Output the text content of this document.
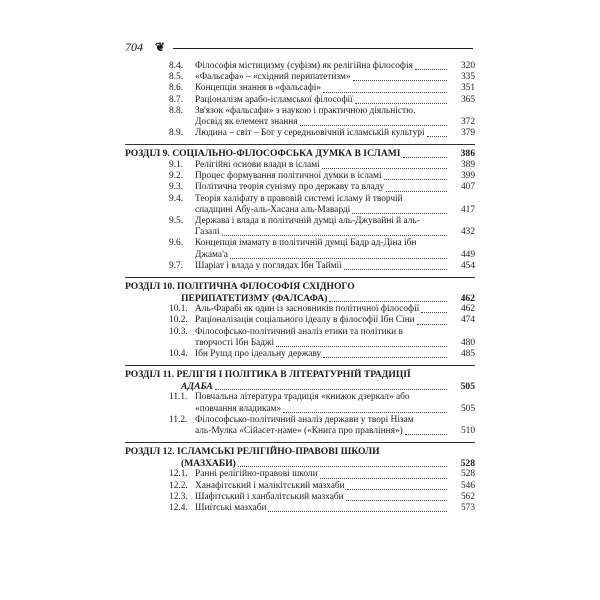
704 ❦
8.4.	Філософія містицизму (суфізм) як релігійна філософія	320
8.5.	«Фальсафа» – «східний перипатетизм»	335
8.6.	Концепція знання в «фальсафі»	351
8.7.	Раціоналізм арабо-ісламської філософії	365
8.8.	Зв'язок «фальсафи» з наукою і практичною діяльністю.
Досвід як елемент знання	372
8.9.	Людина – світ – Бог у середньовічній ісламській культурі	379
РОЗДІЛ 9. СОЦІАЛЬНО-ФІЛОСОФСЬКА ДУМКА В ІСЛАМІ	386
9.1.	Релігійні основи влади в ісламі	389
9.2.	Процес формування політичної думки в ісламі	399
9.3.	Політична теорія сунізму про державу та владу	407
9.4.	Теорія халіфату в правовій системі ісламу й творчій
спадщині Абу-аль-Хасана аль-Маварді	417
9.5.	Держава і влада в політичній думці аль-Джувайні й аль-
Газалі	432
9.6.	Концепція імамату в політичній думці Бадр ад-Діна ібн
Джама'а	449
9.7.	Шаріат і влада у поглядах Ібн Таймії	454
РОЗДІЛ 10. ПОЛІТИЧНА ФІЛОСОФІЯ СХІДНОГО
ПЕРИПАТЕТИЗМУ (ФАЛСАФА)	462
10.1. Аль-Фарабі як один із засновників політичної філософії	462
10.2. Раціоналізація соціального ідеалу в філософії Ібн Сіни	474
10.3. Філософсько-політичний аналіз етики та політики в
творчості Ібн Баджі	480
10.4. Ібн Рушд про ідеальну державу	485
РОЗДІЛ 11. РЕЛІГІЯ І ПОЛІТИКА В ЛІТЕРАТУРНІЙ ТРАДИЦІЇ
АДАБА	505
11.1. Повчальна література традиція «книжок дзеркал» або
«повчання владикам»	505
11.2. Філософсько-політичний аналіз держави у творі Нізам
аль-Мулка «Сійасет-наме» («Книга про правління»)	510
РОЗДІЛ 12. ІСЛАМСЬКІ РЕЛІГІЙНО-ПРАВОВІ ШКОЛИ
(МАЗХАБИ)	528
12.1. Ранні релігійно-правові школи	528
12.2. Ханафітський і малікітський мазхаби	546
12.3. Шафітський і ханбалітський мазхаби	562
12.4. Шиїтські мазхаби	573
